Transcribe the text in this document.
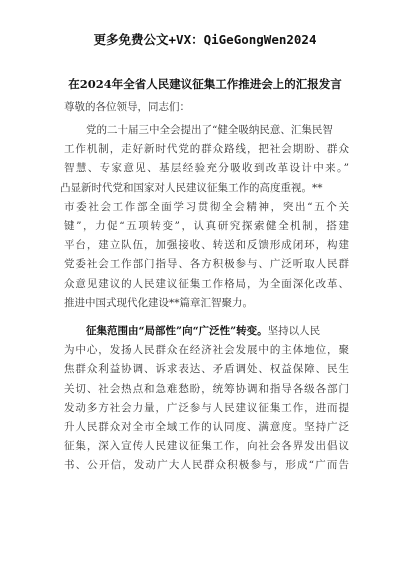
更多免费公文+VX：QiGeGongWen2024
在2024年全省人民建议征集工作推进会上的汇报发言
尊敬的各位领导，同志们：
党的二十届三中全会提出了“健全吸纳民意、汇集民智
工作机制，走好新时代党的群众路线，把社会期盼、群众
智慧、专家意见、基层经验充分吸收到改革设计中来。”
凸显新时代党和国家对人民建议征集工作的高度重视。**
市委社会工作部全面学习贯彻全会精神，突出“五个关
键”，力促“五项转变”，认真研究探索健全机制，搭建
平台，建立队伍，加强接收、转送和反馈形成闭环，构建
党委社会工作部门指导、各方积极参与、广泛听取人民群
众意见建议的人民建议征集工作格局，为全面深化改革、
推进中国式现代化建设**篇章汇智聚力。
征集范围由“局部性”向“广泛性”转变。坚持以人民
为中心，发扬人民群众在经济社会发展中的主体地位，聚
焦群众利益协调、诉求表达、矛盾调处、权益保障、民生
关切、社会热点和急难愁盼，统筹协调和指导各级各部门
发动多方社会力量，广泛参与人民建议征集工作，进而提
升人民群众对全市全域工作的认同度、满意度。坚持广泛
征集，深入宣传人民建议征集工作，向社会各界发出倡议
书、公开信，发动广大人民群众积极参与，形成“广而告
